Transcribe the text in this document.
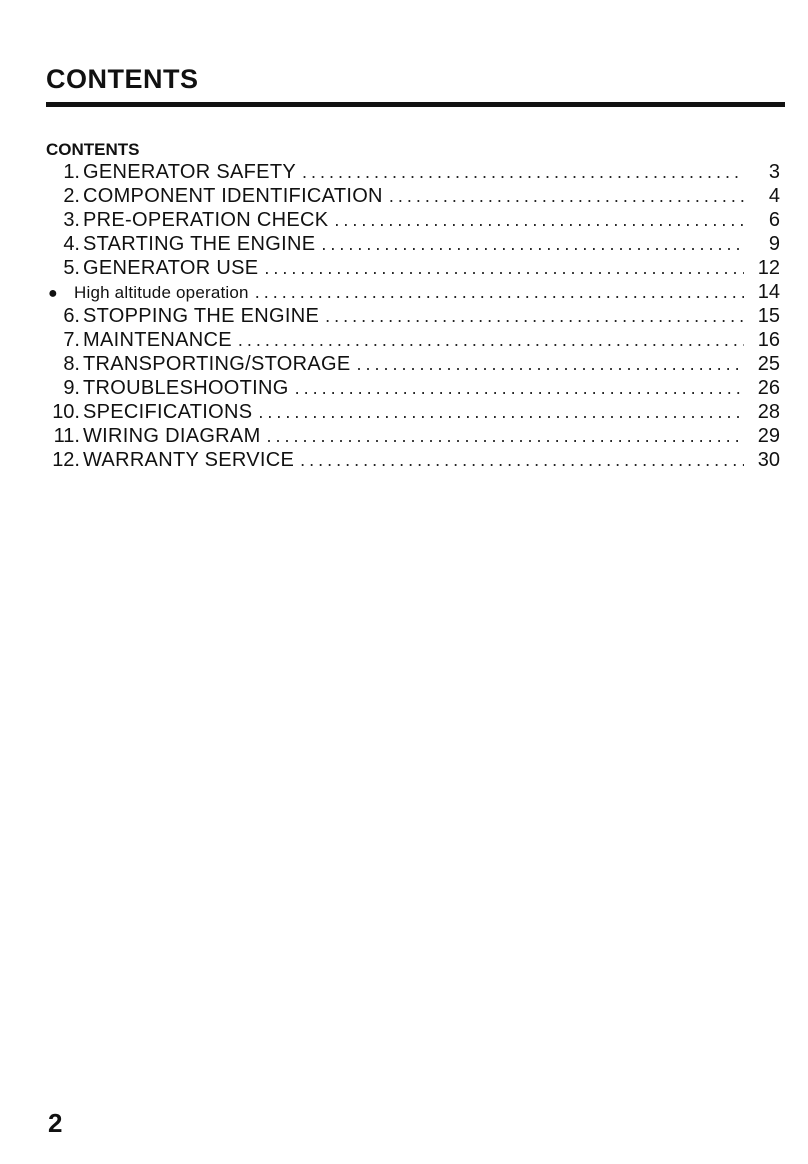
CONTENTS
CONTENTS
1. GENERATOR SAFETY .....	3
2. COMPONENT IDENTIFICATION .....	4
3. PRE-OPERATION CHECK .....	6
4. STARTING THE ENGINE .....	9
5. GENERATOR USE .....	12
● High altitude operation .....	14
6. STOPPING THE ENGINE .....	15
7. MAINTENANCE .....	16
8. TRANSPORTING/STORAGE .....	25
9. TROUBLESHOOTING .....	26
10. SPECIFICATIONS .....	28
11. WIRING DIAGRAM .....	29
12. WARRANTY SERVICE .....	30
2
